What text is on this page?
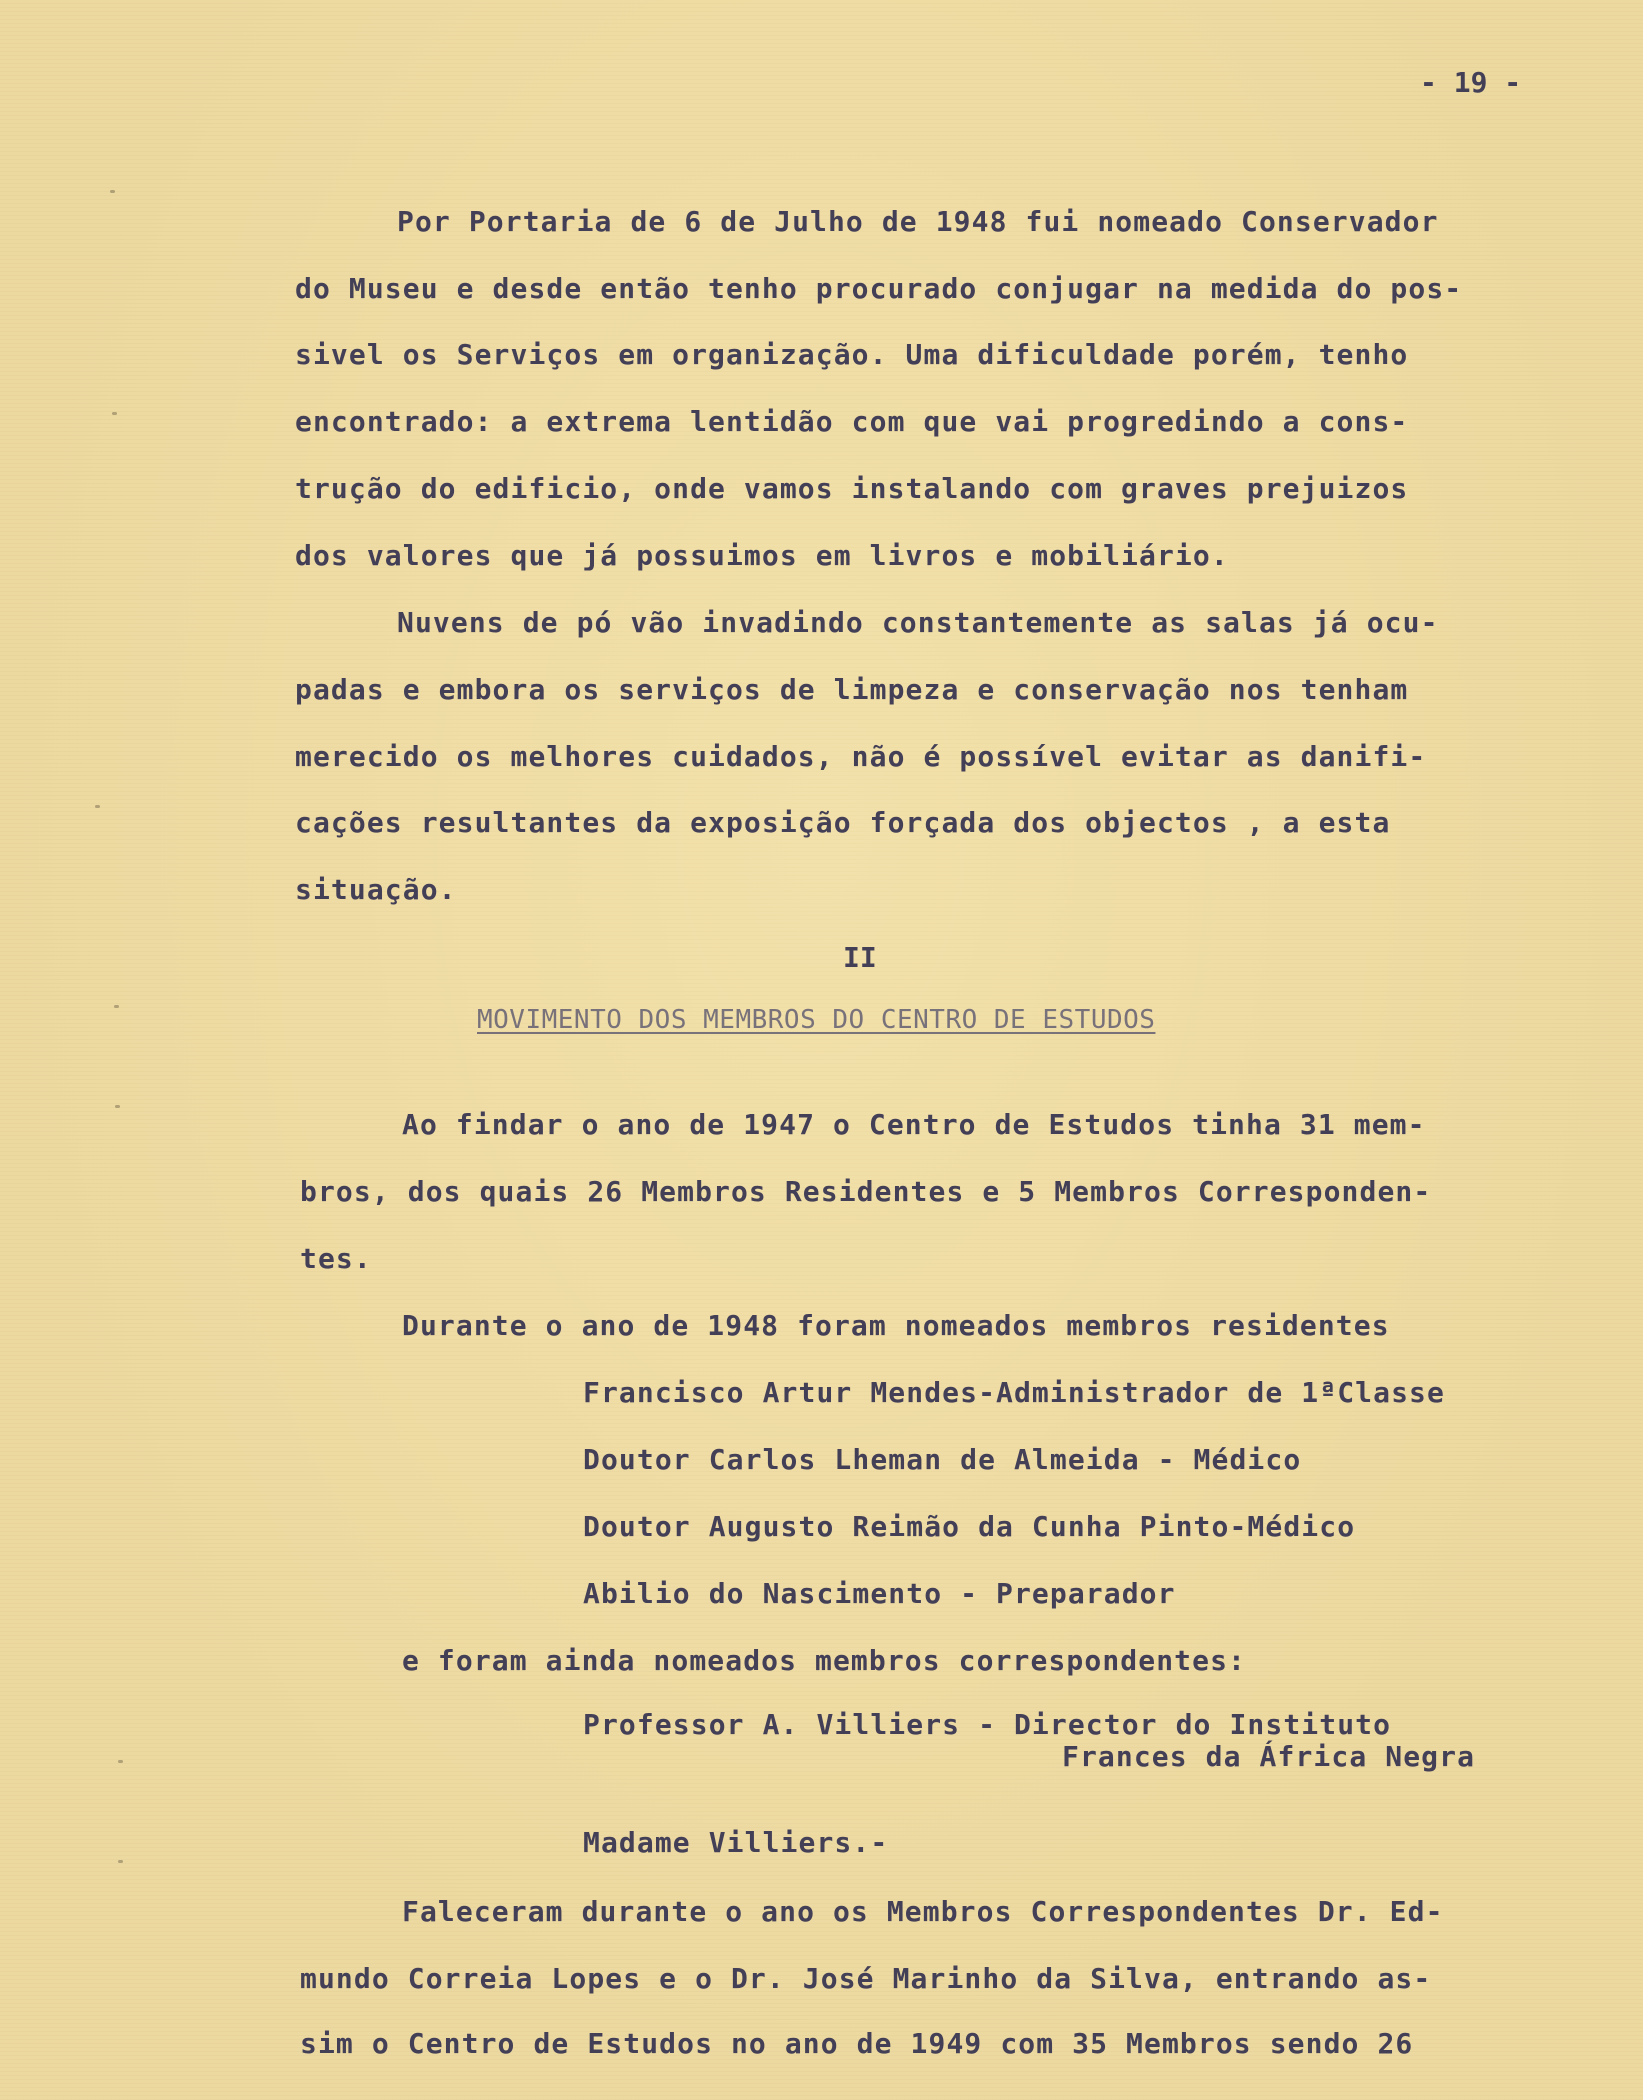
- 19 -
Por Portaria de 6 de Julho de 1948 fui nomeado Conservador
do Museu e desde então tenho procurado conjugar na medida do pos-
sivel os Serviços em organização. Uma dificuldade porém, tenho
encontrado: a extrema lentidão com que vai progredindo a cons-
trução do edificio, onde vamos instalando com graves prejuizos
dos valores que já possuimos em livros e mobiliário.
Nuvens de pó vão invadindo constantemente as salas já ocu-
padas e embora os serviços de limpeza e conservação nos tenham
merecido os melhores cuidados, não é possível evitar as danifi-
cações resultantes da exposição forçada dos objectos , a esta
situação.
II
MOVIMENTO DOS MEMBROS DO CENTRO DE ESTUDOS
Ao findar o ano de 1947 o Centro de Estudos tinha 31 mem-
bros, dos quais 26 Membros Residentes e 5 Membros Corresponden-
tes.
Durante o ano de 1948 foram nomeados membros residentes
Francisco Artur Mendes-Administrador de 1ªClasse
Doutor Carlos Lheman de Almeida - Médico
Doutor Augusto Reimão da Cunha Pinto-Médico
Abilio do Nascimento - Preparador
e foram ainda nomeados membros correspondentes:
Professor A. Villiers - Director do Instituto
Frances da África Negra
Madame Villiers.-
Faleceram durante o ano os Membros Correspondentes Dr. Ed-
mundo Correia Lopes e o Dr. José Marinho da Silva, entrando as-
sim o Centro de Estudos no ano de 1949 com 35 Membros sendo 26
